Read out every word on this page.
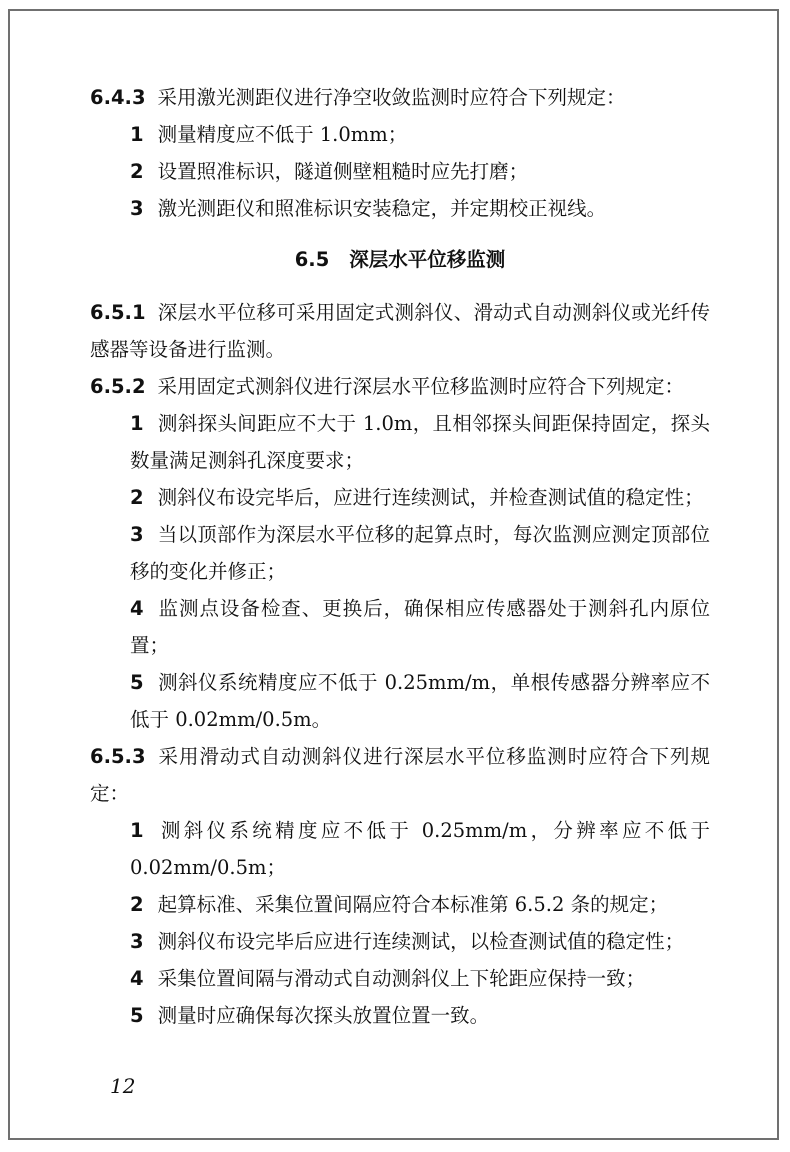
6.4.3 采用激光测距仪进行净空收敛监测时应符合下列规定：

1 测量精度应不低于 1.0mm；

2 设置照准标识，隧道侧壁粗糙时应先打磨；

3 激光测距仪和照准标识安装稳定，并定期校正视线。

6.5 深层水平位移监测

6.5.1 深层水平位移可采用固定式测斜仪、滑动式自动测斜仪或光纤传感器等设备进行监测。

6.5.2 采用固定式测斜仪进行深层水平位移监测时应符合下列规定：

1 测斜探头间距应不大于 1.0m，且相邻探头间距保持固定，探头数量满足测斜孔深度要求；

2 测斜仪布设完毕后，应进行连续测试，并检查测试值的稳定性；

3 当以顶部作为深层水平位移的起算点时，每次监测应测定顶部位移的变化并修正；

4 监测点设备检查、更换后，确保相应传感器处于测斜孔内原位置；

5 测斜仪系统精度应不低于 0.25mm/m，单根传感器分辨率应不低于 0.02mm/0.5m。

6.5.3 采用滑动式自动测斜仪进行深层水平位移监测时应符合下列规定：

1 测斜仪系统精度应不低于 0.25mm/m，分辨率应不低于 0.02mm/0.5m；

2 起算标准、采集位置间隔应符合本标准第 6.5.2 条的规定；

3 测斜仪布设完毕后应进行连续测试，以检查测试值的稳定性；

4 采集位置间隔与滑动式自动测斜仪上下轮距应保持一致；

5 测量时应确保每次探头放置位置一致。

12
